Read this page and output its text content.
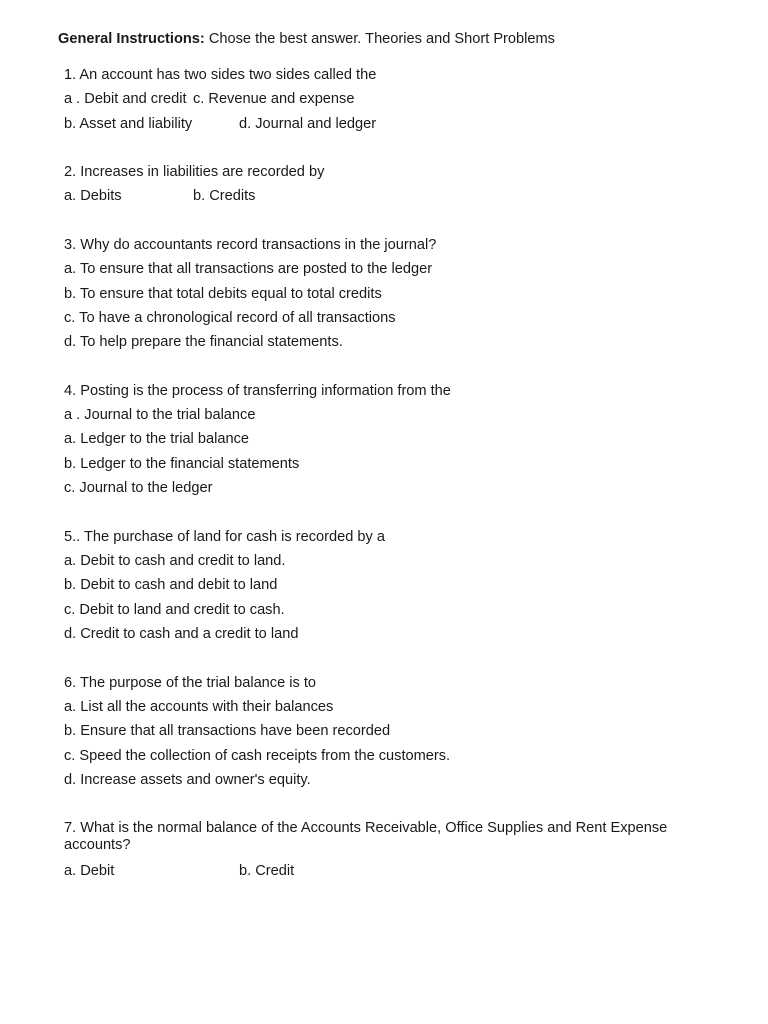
General Instructions: Chose the best answer. Theories and Short Problems
1. An account has two sides two sides called the
a . Debit and credit c. Revenue and expense
b. Asset and liability	d. Journal and ledger
2. Increases in liabilities are recorded by
a. Debits	b. Credits
3. Why do accountants record transactions in the journal?
a. To ensure that all transactions are posted to the ledger
b. To ensure that total debits equal to total credits
c. To have a chronological record of all transactions
d. To help prepare the financial statements.
4. Posting is the process of transferring information from the
a . Journal to the trial balance
a. Ledger to the trial balance
b. Ledger to the financial statements
c. Journal to the ledger
5.. The purchase of land for cash is recorded by a
a. Debit to cash and credit to land.
b. Debit to cash and debit to land
c. Debit to land and credit to cash.
d. Credit to cash and a credit to land
6. The purpose of the trial balance is to
a. List all the accounts with their balances
b. Ensure that all transactions have been recorded
c. Speed the collection of cash receipts from the customers.
d. Increase assets and owner's equity.
7. What is the normal balance of the Accounts Receivable, Office Supplies and Rent Expense accounts?
a. Debit	b. Credit
